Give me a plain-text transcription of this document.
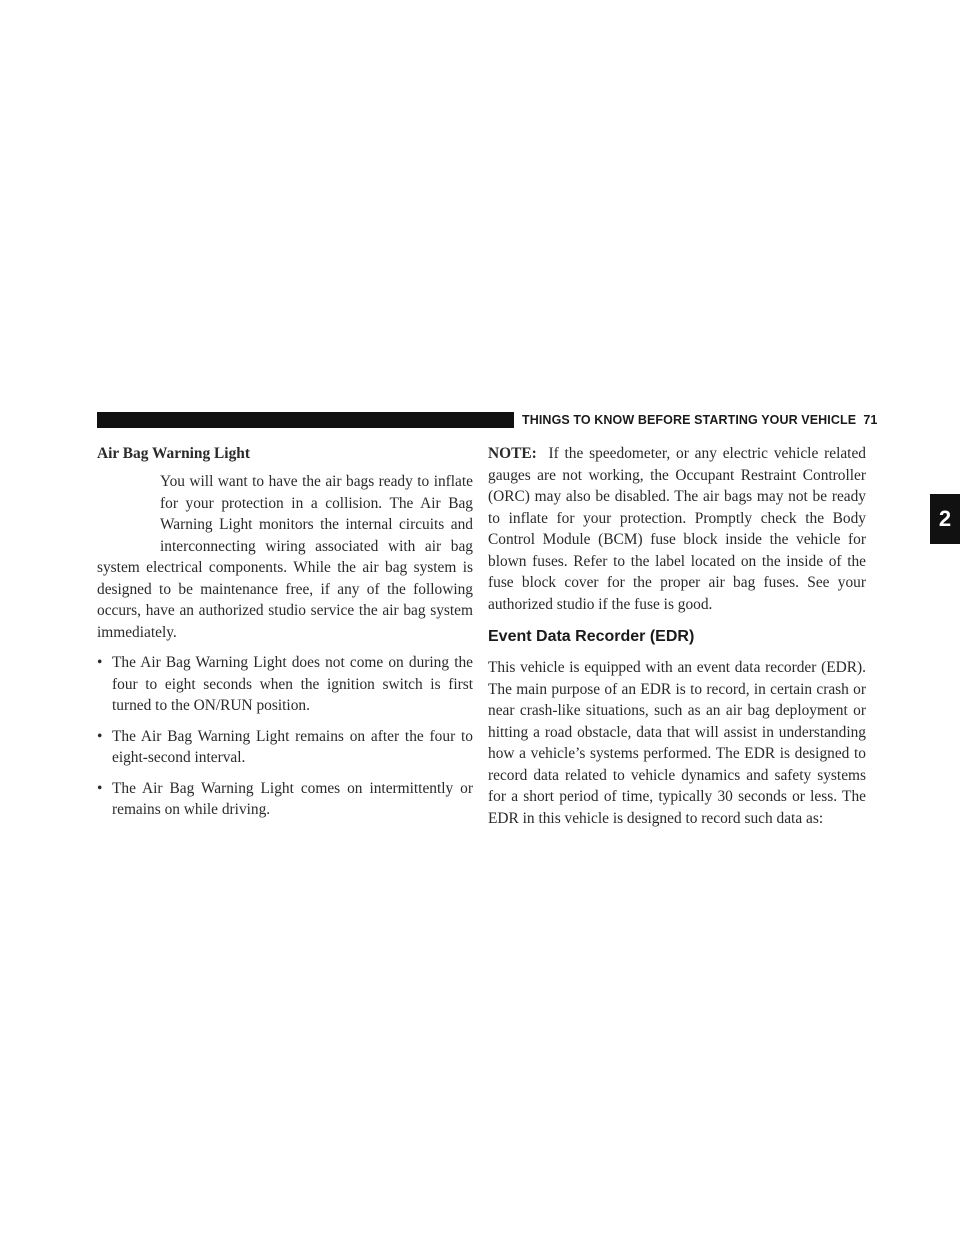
THINGS TO KNOW BEFORE STARTING YOUR VEHICLE 71
2
Air Bag Warning Light

You will want to have the air bags ready to inflate for your protection in a collision. The Air Bag Warning Light monitors the internal circuits and interconnecting wiring associated with air bag system electrical components. While the air bag system is designed to be maintenance free, if any of the following occurs, have an authorized studio service the air bag system immediately.

• The Air Bag Warning Light does not come on during the four to eight seconds when the ignition switch is first turned to the ON/RUN position.
• The Air Bag Warning Light remains on after the four to eight-second interval.
• The Air Bag Warning Light comes on intermittently or remains on while driving.

NOTE: If the speedometer, or any electric vehicle related gauges are not working, the Occupant Restraint Controller (ORC) may also be disabled. The air bags may not be ready to inflate for your protection. Promptly check the Body Control Module (BCM) fuse block inside the vehicle for blown fuses. Refer to the label located on the inside of the fuse block cover for the proper air bag fuses. See your authorized studio if the fuse is good.

Event Data Recorder (EDR)

This vehicle is equipped with an event data recorder (EDR). The main purpose of an EDR is to record, in certain crash or near crash-like situations, such as an air bag deployment or hitting a road obstacle, data that will assist in understanding how a vehicle’s systems performed. The EDR is designed to record data related to vehicle dynamics and safety systems for a short period of time, typically 30 seconds or less. The EDR in this vehicle is designed to record such data as:
